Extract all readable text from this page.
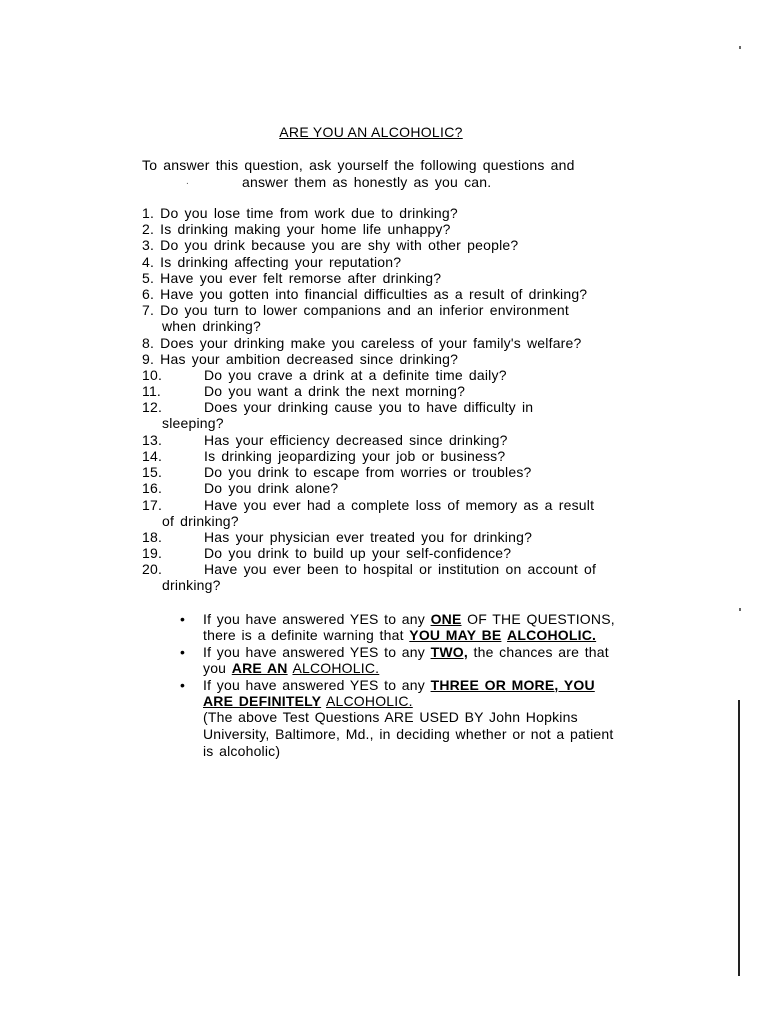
ARE YOU AN ALCOHOLIC?
To answer this question, ask yourself the following questions and
.	answer them as honestly as you can.
1. Do you lose time from work due to drinking?
2. Is drinking making your home life unhappy?
3. Do you drink because you are shy with other people?
4. Is drinking affecting your reputation?
5. Have you ever felt remorse after drinking?
6. Have you gotten into financial difficulties as a result of drinking?
7. Do you turn to lower companions and an inferior environment
when drinking?
8. Does your drinking make you careless of your family's welfare?
9. Has your ambition decreased since drinking?
10.	Do you crave a drink at a definite time daily?
11.	Do you want a drink the next morning?
12.	Does your drinking cause you to have difficulty in
sleeping?
13.	Has your efficiency decreased since drinking?
14.	Is drinking jeopardizing your job or business?
15.	Do you drink to escape from worries or troubles?
16.	Do you drink alone?
17.	Have you ever had a complete loss of memory as a result
of drinking?
18.	Has your physician ever treated you for drinking?
19.	Do you drink to build up your self-confidence?
20.	Have you ever been to hospital or institution on account of
drinking?
• If you have answered YES to any ONE OF THE QUESTIONS, there is a definite warning that YOU MAY BE ALCOHOLIC.
• If you have answered YES to any TWO, the chances are that you ARE AN ALCOHOLIC.
• If you have answered YES to any THREE OR MORE, YOU ARE DEFINITELY ALCOHOLIC.
(The above Test Questions ARE USED BY John Hopkins University, Baltimore, Md., in deciding whether or not a patient is alcoholic)
